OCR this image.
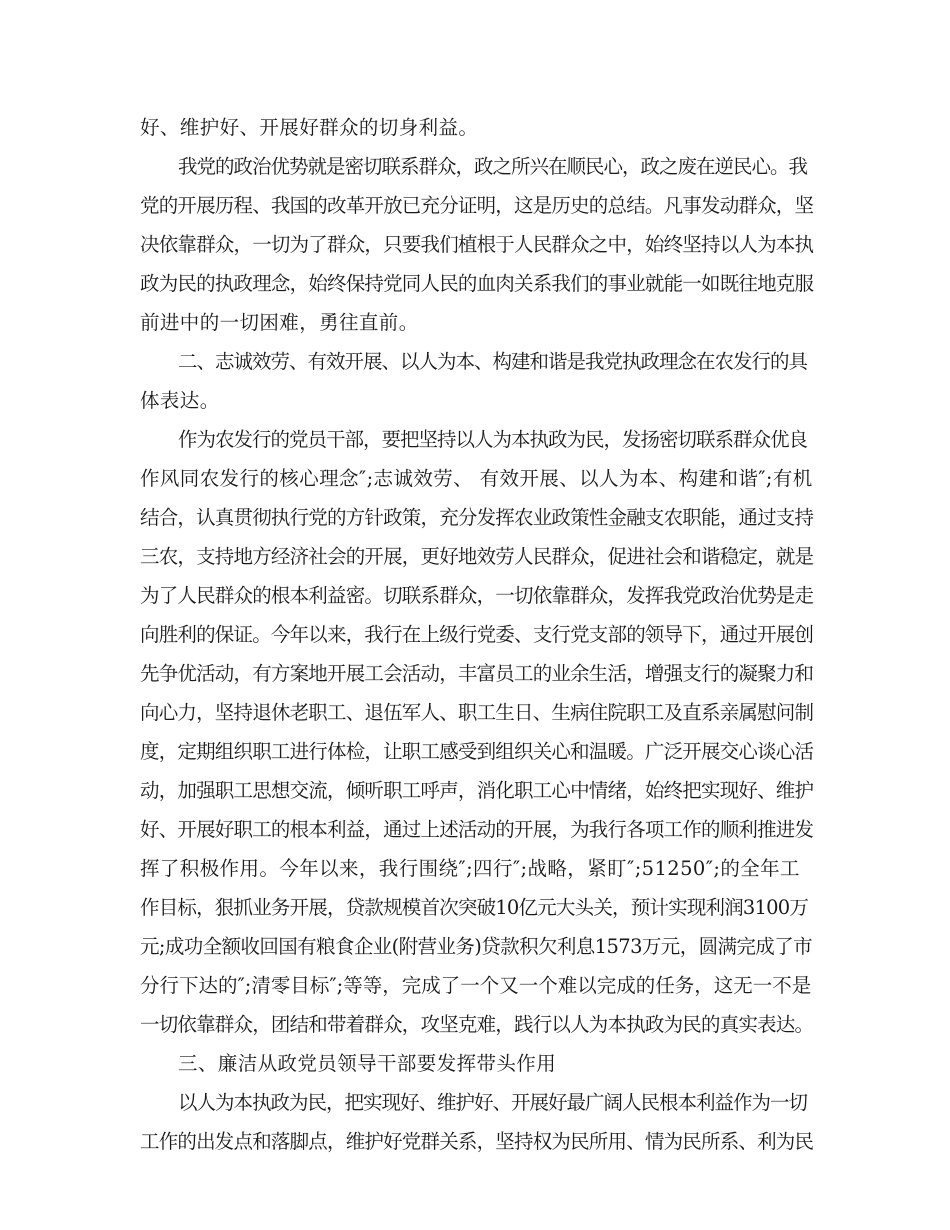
好、维护好、开展好群众的切身利益。
我党的政治优势就是密切联系群众，政之所兴在顺民心，政之废在逆民心。我
党的开展历程、我国的改革开放已充分证明，这是历史的总结。凡事发动群众，坚
决依靠群众，一切为了群众，只要我们植根于人民群众之中，始终坚持以人为本执
政为民的执政理念，始终保持党同人民的血肉关系我们的事业就能一如既往地克服
前进中的一切困难，勇往直前。
二、志诚效劳、有效开展、以人为本、构建和谐是我党执政理念在农发行的具
体表达。
作为农发行的党员干部，要把坚持以人为本执政为民，发扬密切联系群众优良
作风同农发行的核心理念″;志诚效劳、 有效开展、以人为本、构建和谐″;有机
结合，认真贯彻执行党的方针政策，充分发挥农业政策性金融支农职能，通过支持
三农，支持地方经济社会的开展，更好地效劳人民群众，促进社会和谐稳定，就是
为了人民群众的根本利益密。切联系群众，一切依靠群众，发挥我党政治优势是走
向胜利的保证。今年以来，我行在上级行党委、支行党支部的领导下，通过开展创
先争优活动，有方案地开展工会活动，丰富员工的业余生活，增强支行的凝聚力和
向心力，坚持退休老职工、退伍军人、职工生日、生病住院职工及直系亲属慰问制
度，定期组织职工进行体检，让职工感受到组织关心和温暖。广泛开展交心谈心活
动，加强职工思想交流，倾听职工呼声，消化职工心中情绪，始终把实现好、维护
好、开展好职工的根本利益，通过上述活动的开展，为我行各项工作的顺利推进发
挥了积极作用。今年以来，我行围绕″;四行″;战略，紧盯″;51250″;的全年工
作目标，狠抓业务开展，贷款规模首次突破10亿元大头关，预计实现利润3100万
元;成功全额收回国有粮食企业(附营业务)贷款积欠利息1573万元，圆满完成了市
分行下达的″;清零目标″;等等，完成了一个又一个难以完成的任务，这无一不是
一切依靠群众，团结和带着群众，攻坚克难，践行以人为本执政为民的真实表达。
三、廉洁从政党员领导干部要发挥带头作用
以人为本执政为民，把实现好、维护好、开展好最广阔人民根本利益作为一切
工作的出发点和落脚点，维护好党群关系，坚持权为民所用、情为民所系、利为民
